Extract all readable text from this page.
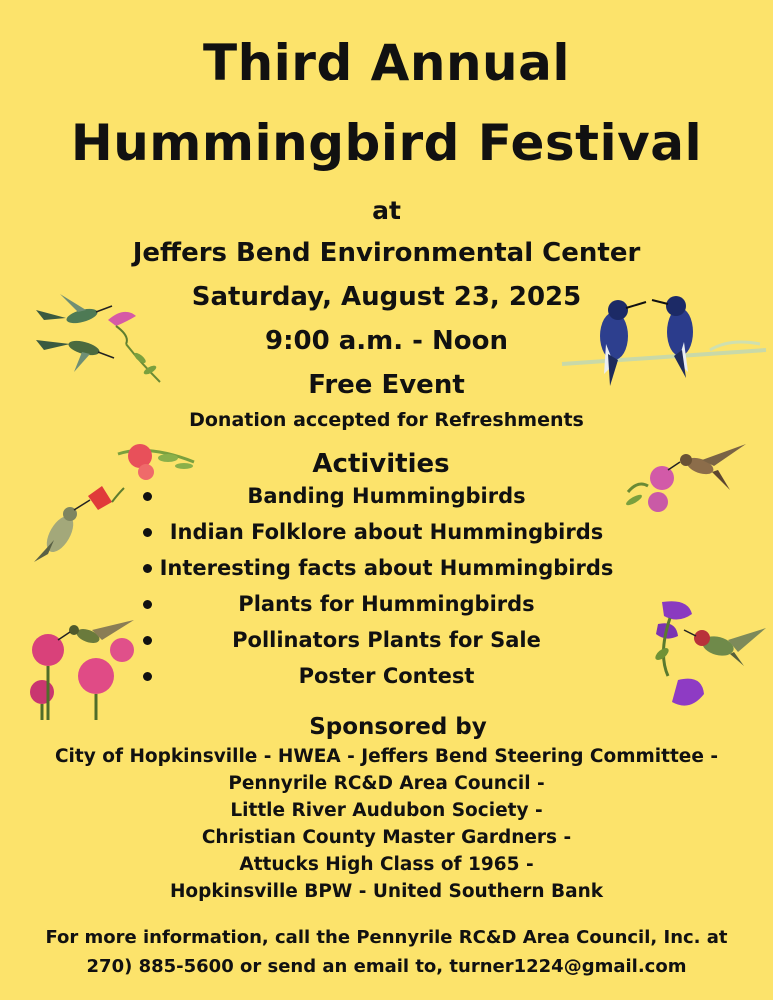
Third Annual
Hummingbird Festival
at
Jeffers Bend Environmental Center
Saturday, August 23, 2025
9:00 a.m. - Noon
Free Event
Donation accepted for Refreshments
Activities
Banding Hummingbirds
Indian Folklore about Hummingbirds
Interesting facts about Hummingbirds
Plants for Hummingbirds
Pollinators Plants for Sale
Poster Contest
Sponsored by
City of Hopkinsville - HWEA - Jeffers Bend Steering Committee -
Pennyrile RC&D Area Council -
Little River Audubon Society -
Christian County Master Gardners -
Attucks High Class of 1965 -
Hopkinsville BPW - United Southern Bank
For more information, call the Pennyrile RC&D Area Council, Inc. at
270) 885-5600 or send an email to, turner1224@gmail.com
